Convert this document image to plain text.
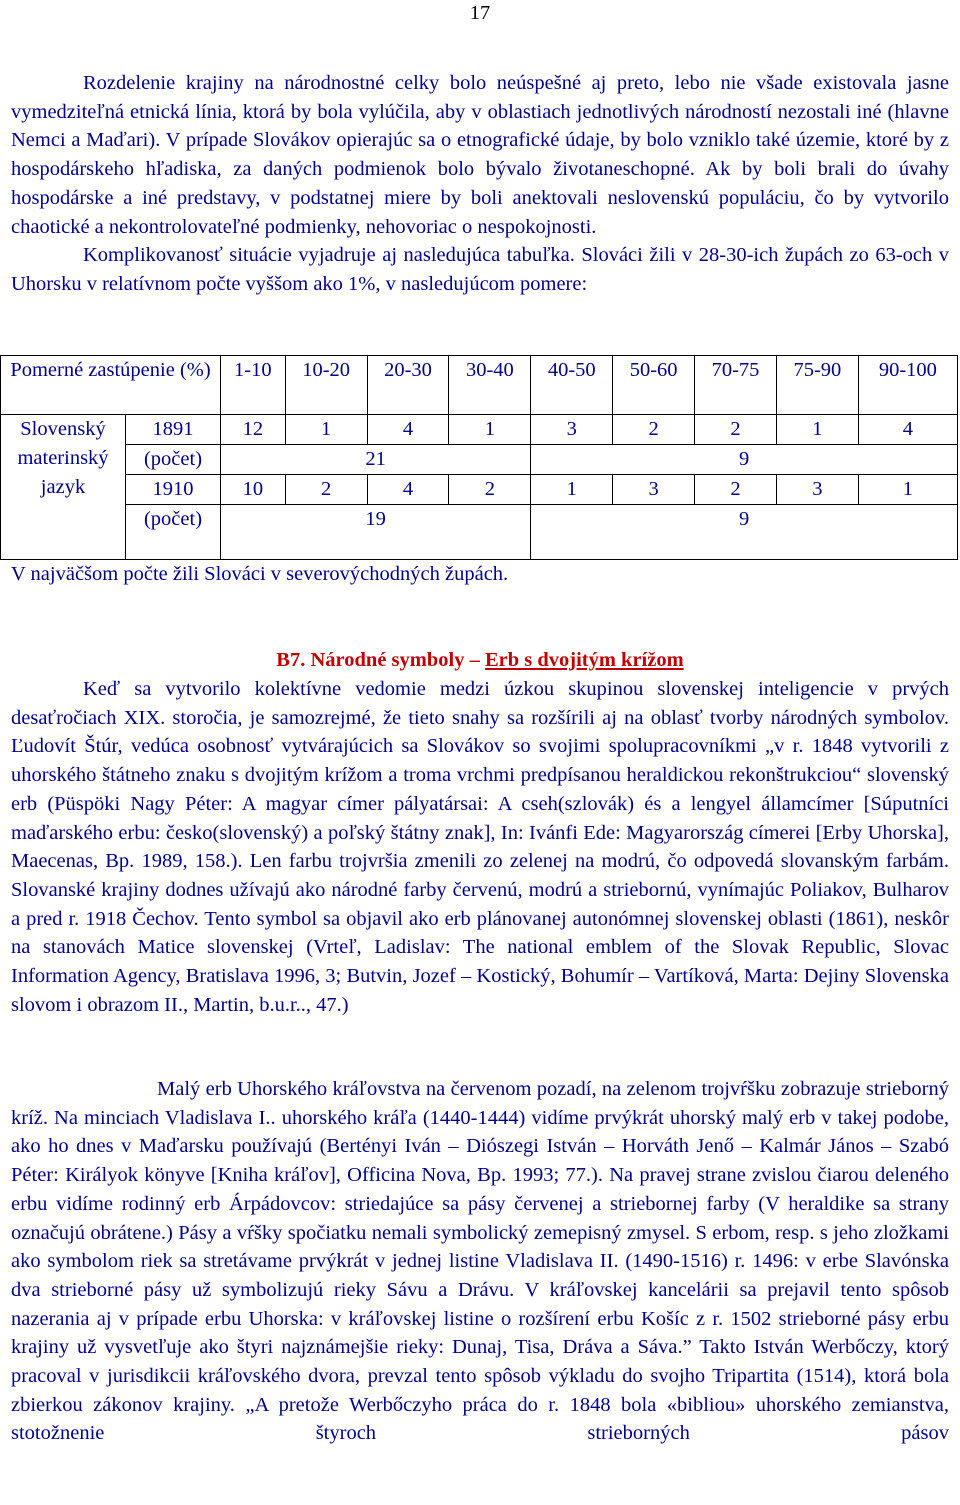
17
Rozdelenie krajiny na národnostné celky bolo neúspešné aj preto, lebo nie všade existovala jasne vymedziteľná etnická línia, ktorá by bola vylúčila, aby v oblastiach jednotlivých národností nezostali iné (hlavne Nemci a Maďari). V prípade Slovákov opierajúc sa o etnografické údaje, by bolo vzniklo také územie, ktoré by z hospodárskeho hľadiska, za daných podmienok bolo bývalo životaneschopné. Ak by boli brali do úvahy hospodárske a iné predstavy, v podstatnej miere by boli anektovali neslovenskú populáciu, čo by vytvorilo chaotické a nekontrolovateľné podmienky, nehovoriac o nespokojnosti.
Komplikovanosť situácie vyjadruje aj nasledujúca tabuľka. Slováci žili v 28-30-ich župách zo 63-och v Uhorsku v relatívnom počte vyššom ako 1%, v nasledujúcom pomere:
Pomerné zastúpenie (%)		1-10	10-20	20-30	30-40	40-50	50-60	70-75	75-90	90-100
Slovenský materinský jazyk	1891	12	1	4	1	3	2	2	1	4
	(počet)	21				9				
	1910	10	2	4	2	1	3	2	3	1
	(počet)	19				9				
V najväčšom počte žili Slováci v severovýchodných župách.
B7. Národné symboly – Erb s dvojitým krížom
Keď sa vytvorilo kolektívne vedomie medzi úzkou skupinou slovenskej inteligencie v prvých desaťročiach XIX. storočia, je samozrejmé, že tieto snahy sa rozšírili aj na oblasť tvorby národných symbolov. Ľudovít Štúr, vedúca osobnosť vytvárajúcich sa Slovákov so svojimi spolupracovníkmi „v r. 1848 vytvorili z uhorského štátneho znaku s dvojitým krížom a troma vrchmi predpísanou heraldickou rekonštrukciou“ slovenský erb (Püspöki Nagy Péter: A magyar címer pályatársai: A cseh(szlovák) és a lengyel államcímer [Súputníci maďarského erbu: česko(slovenský) a poľský štátny znak], In: Ivánfi Ede: Magyarország címerei [Erby Uhorska], Maecenas, Bp. 1989, 158.). Len farbu trojvršia zmenili zo zelenej na modrú, čo odpovedá slovanským farbám. Slovanské krajiny dodnes užívajú ako národné farby červenú, modrú a striebornú, vynímajúc Poliakov, Bulharov a pred r. 1918 Čechov. Tento symbol sa objavil ako erb plánovanej autonómnej slovenskej oblasti (1861), neskôr na stanovách Matice slovenskej (Vrteľ, Ladislav: The national emblem of the Slovak Republic, Slovac Information Agency, Bratislava 1996, 3; Butvin, Jozef – Kostický, Bohumír – Vartíková, Marta: Dejiny Slovenska slovom i obrazom II., Martin, b.u.r.., 47.)
Malý erb Uhorského kráľovstva na červenom pozadí, na zelenom trojvŕšku zobrazuje strieborný kríž. Na minciach Vladislava I.. uhorského kráľa (1440-1444) vidíme prvýkrát uhorský malý erb v takej podobe, ako ho dnes v Maďarsku používajú (Bertényi Iván – Diószegi István – Horváth Jenő – Kalmár János – Szabó Péter: Királyok könyve [Kniha kráľov], Officina Nova, Bp. 1993; 77.). Na pravej strane zvislou čiarou deleného erbu vidíme rodinný erb Árpádovcov: striedajúce sa pásy červenej a striebornej farby (V heraldike sa strany označujú obrátene.) Pásy a vŕšky spočiatku nemali symbolický zemepisný zmysel. S erbom, resp. s jeho zložkami ako symbolom riek sa stretávame prvýkrát v jednej listine Vladislava II. (1490-1516) r. 1496: v erbe Slavónska dva strieborné pásy už symbolizujú rieky Sávu a Drávu. V kráľovskej kancelárii sa prejavil tento spôsob nazerania aj v prípade erbu Uhorska: v kráľovskej listine o rozšírení erbu Košíc z r. 1502 strieborné pásy erbu krajiny už vysvetľuje ako štyri najznámejšie rieky: Dunaj, Tisa, Dráva a Sáva.” Takto István Werbőczy, ktorý pracoval v jurisdikcii kráľovského dvora, prevzal tento spôsob výkladu do svojho Tripartita (1514), ktorá bola zbierkou zákonov krajiny. „A pretože Werbőczyho práca do r. 1848 bola «bibliou» uhorského zemianstva, stotožnenie štyroch strieborných pásov
